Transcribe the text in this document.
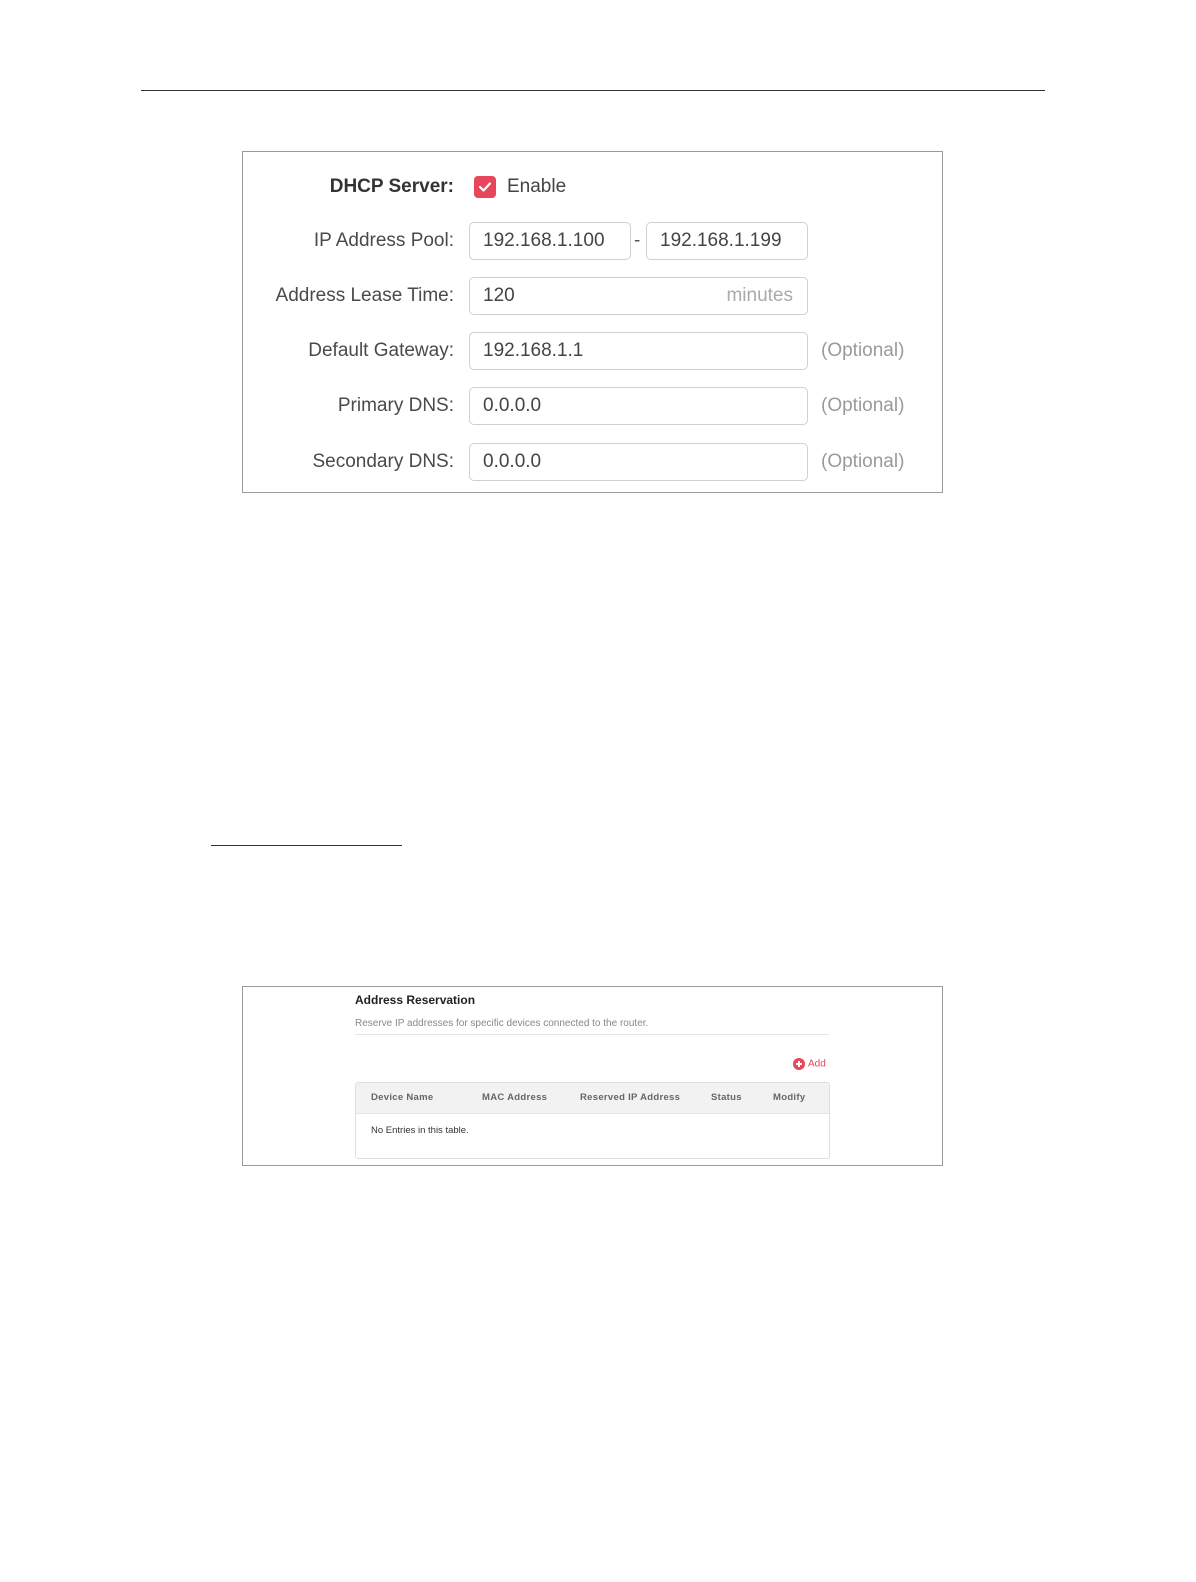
DHCP Server:	Enable
IP Address Pool:	192.168.1.100	-	192.168.1.199
Address Lease Time:	120	minutes
Default Gateway:	192.168.1.1	(Optional)
Primary DNS:	0.0.0.0	(Optional)
Secondary DNS:	0.0.0.0	(Optional)
Address Reservation
Reserve IP addresses for specific devices connected to the router.
Add
Device Name	MAC Address	Reserved IP Address	Status	Modify
No Entries in this table.
